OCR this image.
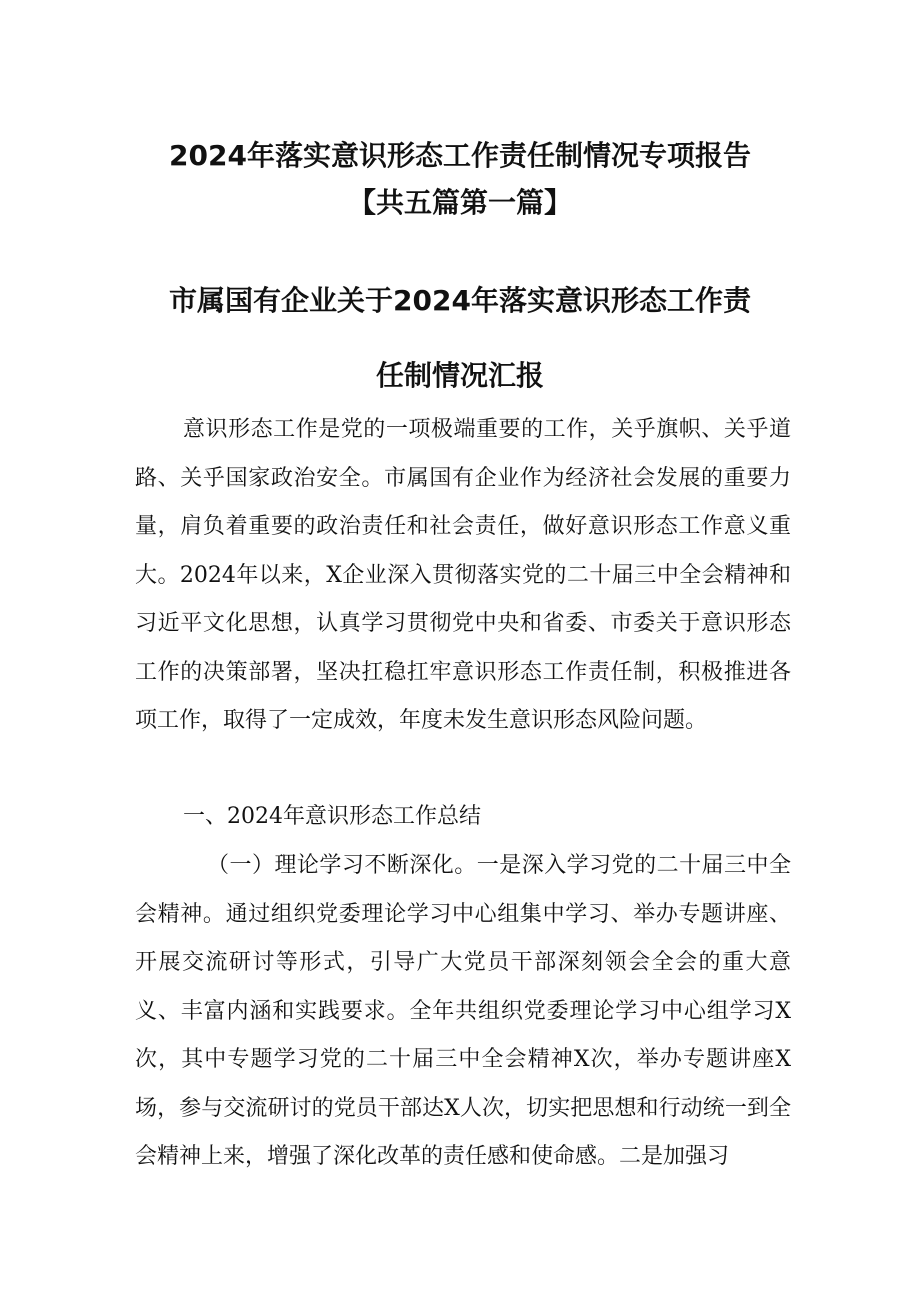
2024年落实意识形态工作责任制情况专项报告
【共五篇第一篇】
市属国有企业关于2024年落实意识形态工作责
任制情况汇报

意识形态工作是党的一项极端重要的工作，关乎旗帜、关乎道路、关乎国家政治安全。市属国有企业作为经济社会发展的重要力量，肩负着重要的政治责任和社会责任，做好意识形态工作意义重大。2024年以来，X企业深入贯彻落实党的二十届三中全会精神和习近平文化思想，认真学习贯彻党中央和省委、市委关于意识形态工作的决策部署，坚决扛稳扛牢意识形态工作责任制，积极推进各项工作，取得了一定成效，年度未发生意识形态风险问题。

一、2024年意识形态工作总结

（一）理论学习不断深化。一是深入学习党的二十届三中全会精神。通过组织党委理论学习中心组集中学习、举办专题讲座、开展交流研讨等形式，引导广大党员干部深刻领会全会的重大意义、丰富内涵和实践要求。全年共组织党委理论学习中心组学习X次，其中专题学习党的二十届三中全会精神X次，举办专题讲座X场，参与交流研讨的党员干部达X人次，切实把思想和行动统一到全会精神上来，增强了深化改革的责任感和使命感。二是加强习
